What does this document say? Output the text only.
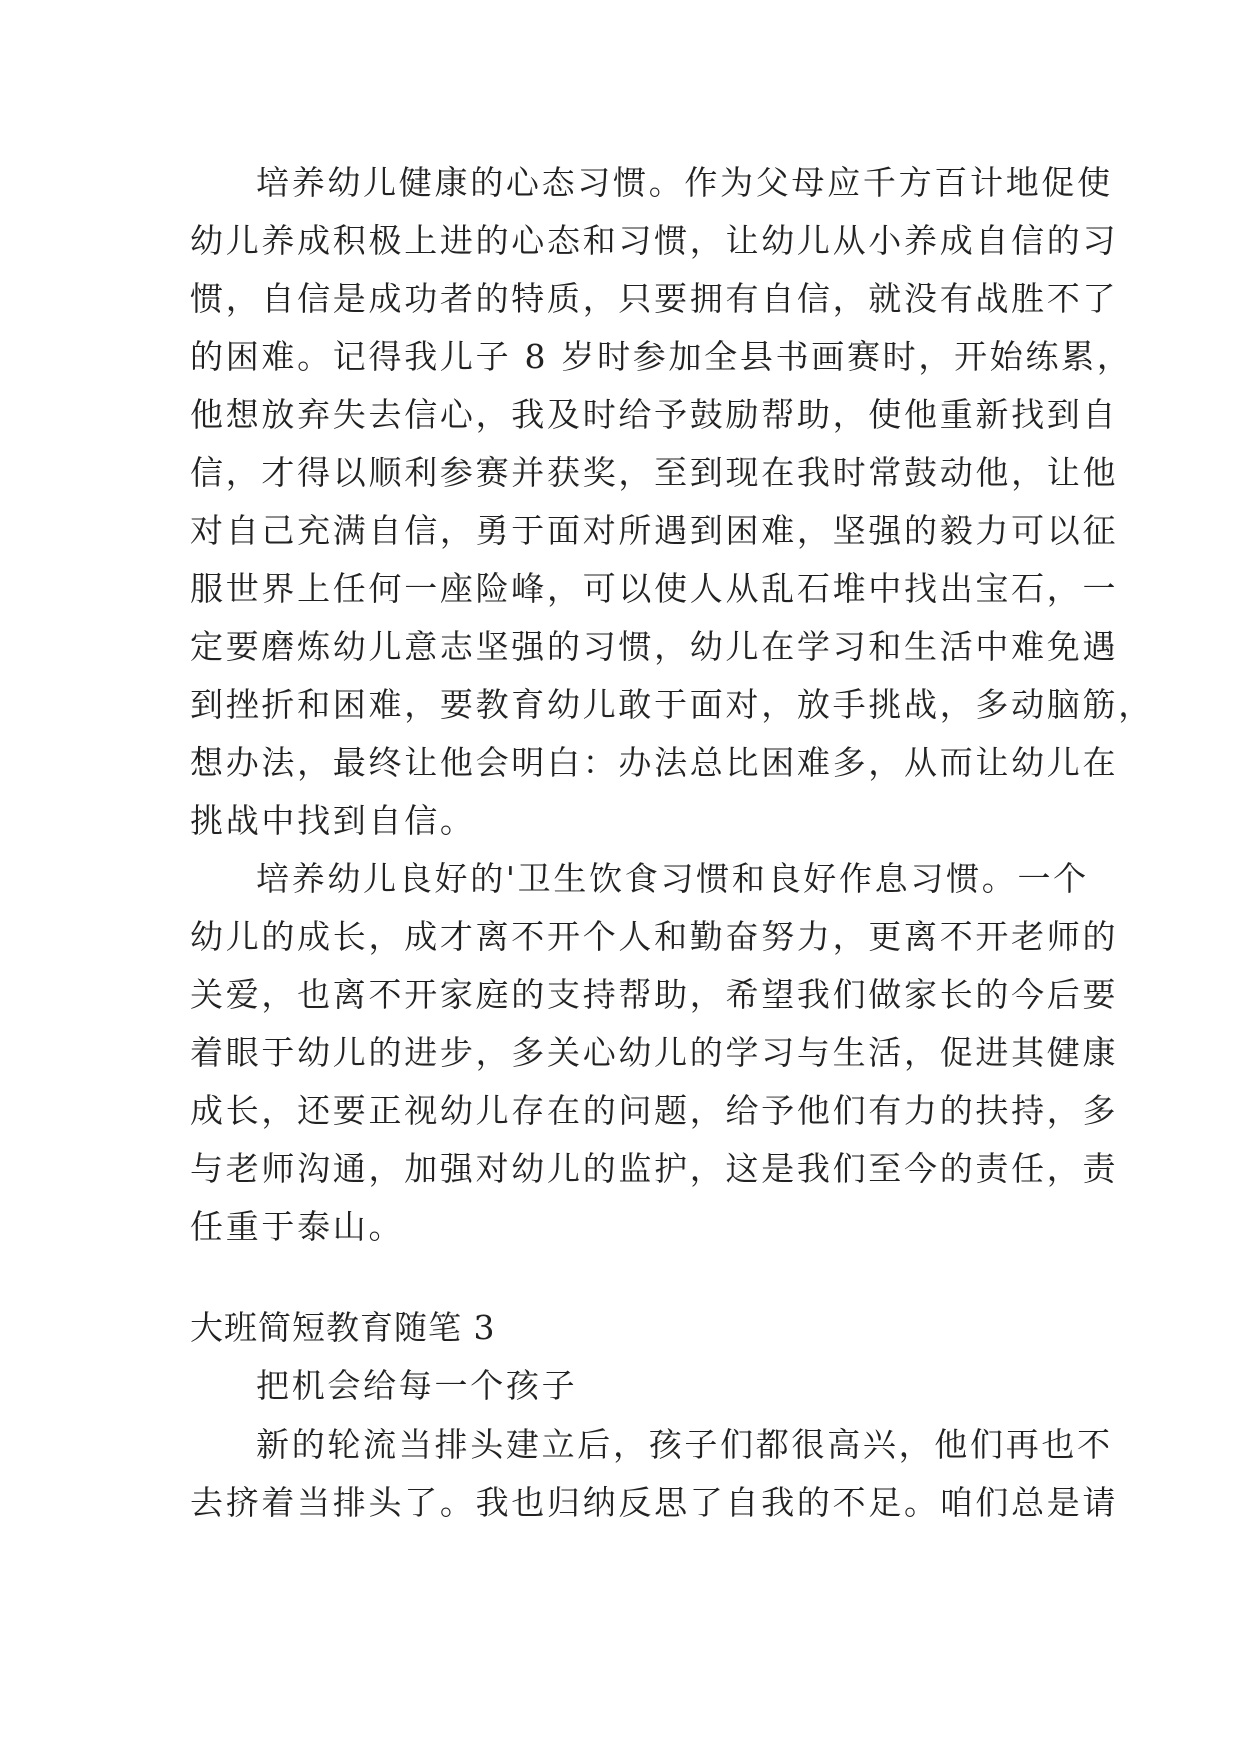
培养幼儿健康的心态习惯。作为父母应千方百计地促使
幼儿养成积极上进的心态和习惯，让幼儿从小养成自信的习
惯，自信是成功者的特质，只要拥有自信，就没有战胜不了
的困难。记得我儿子 8 岁时参加全县书画赛时，开始练累，
他想放弃失去信心，我及时给予鼓励帮助，使他重新找到自
信，才得以顺利参赛并获奖，至到现在我时常鼓动他，让他
对自己充满自信，勇于面对所遇到困难，坚强的毅力可以征
服世界上任何一座险峰，可以使人从乱石堆中找出宝石，一
定要磨炼幼儿意志坚强的习惯，幼儿在学习和生活中难免遇
到挫折和困难，要教育幼儿敢于面对，放手挑战，多动脑筋，
想办法，最终让他会明白：办法总比困难多，从而让幼儿在
挑战中找到自信。
培养幼儿良好的'卫生饮食习惯和良好作息习惯。一个
幼儿的成长，成才离不开个人和勤奋努力，更离不开老师的
关爱，也离不开家庭的支持帮助，希望我们做家长的今后要
着眼于幼儿的进步，多关心幼儿的学习与生活，促进其健康
成长，还要正视幼儿存在的问题，给予他们有力的扶持，多
与老师沟通，加强对幼儿的监护，这是我们至今的责任，责
任重于泰山。
大班简短教育随笔 3
把机会给每一个孩子
新的轮流当排头建立后，孩子们都很高兴，他们再也不
去挤着当排头了。我也归纳反思了自我的不足。咱们总是请
